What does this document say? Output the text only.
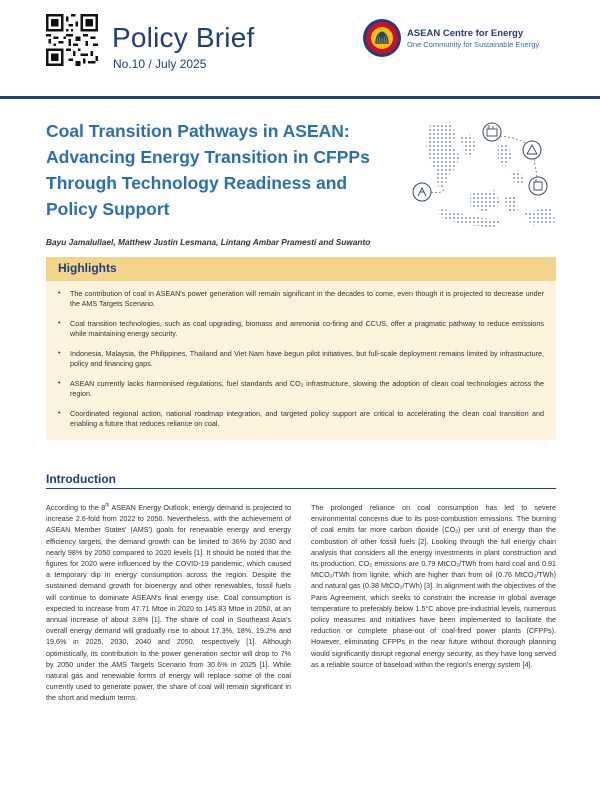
Policy Brief
No.10 / July 2025
ASEAN Centre for Energy
One Community for Sustainable Energy
Coal Transition Pathways in ASEAN:
Advancing Energy Transition in CFPPs
Through Technology Readiness and
Policy Support
Bayu Jamalullael, Matthew Justin Lesmana, Lintang Ambar Pramesti and Suwanto
Highlights
• The contribution of coal in ASEAN's power generation will remain significant in the decades to come, even though it is projected to decrease under the AMS Targets Scenario.
• Coal transition technologies, such as coal upgrading, biomass and ammonia co-firing and CCUS, offer a pragmatic pathway to reduce emissions while maintaining energy security.
• Indonesia, Malaysia, the Philippines, Thailand and Viet Nam have begun pilot initiatives, but full-scale deployment remains limited by infrastructure, policy and financing gaps.
• ASEAN currently lacks harmonised regulations, fuel standards and CO₂ infrastructure, slowing the adoption of clean coal technologies across the region.
• Coordinated regional action, national roadmap integration, and targeted policy support are critical to accelerating the clean coal transition and enabling a future that reduces reliance on coal.
Introduction

According to the 8th ASEAN Energy Outlook, energy demand is projected to increase 2.6-fold from 2022 to 2050. Nevertheless, with the achievement of ASEAN Member States' (AMS') goals for renewable energy and energy efficiency targets, the demand growth can be limited to 36% by 2030 and nearly 98% by 2050 compared to 2020 levels [1]. It should be noted that the figures for 2020 were influenced by the COVID-19 pandemic, which caused a temporary dip in energy consumption across the region. Despite the sustained demand growth for bioenergy and other renewables, fossil fuels will continue to dominate ASEAN's final energy use. Coal consumption is expected to increase from 47.71 Mtoe in 2020 to 145.83 Mtoe in 2050, at an annual increase of about 3.8% [1]. The share of coal in Southeast Asia's overall energy demand will gradually rise to about 17.3%, 18%, 19.2% and 19.6% in 2025, 2030, 2040 and 2050, respectively [1]. Although optimistically, its contribution to the power generation sector will drop to 7% by 2050 under the AMS Targets Scenario from 30.6% in 2025 [1]. While natural gas and renewable forms of energy will replace some of the coal currently used to generate power, the share of coal will remain significant in the short and medium terms.

The prolonged reliance on coal consumption has led to severe environmental concerns due to its post-combustion emissions. The burning of coal emits far more carbon dioxide (CO₂) per unit of energy than the combustion of other fossil fuels [2]. Looking through the full energy chain analysis that considers all the energy investments in plant construction and its production, CO₂ emissions are 0.79 MtCO₂/TWh from hard coal and 0.91 MtCO₂/TWh from lignite, which are higher than from oil (0.76 MtCO₂/TWh) and natural gas (0.38 MtCO₂/TWh) [3]. In alignment with the objectives of the Paris Agreement, which seeks to constrain the increase in global average temperature to preferably below 1.5°C above pre-industrial levels, numerous policy measures and initiatives have been implemented to facilitate the reduction or complete phase-out of coal-fired power plants (CFPPs). However, eliminating CFPPs in the near future without thorough planning would significantly disrupt regional energy security, as they have long served as a reliable source of baseload within the region's energy system [4].
